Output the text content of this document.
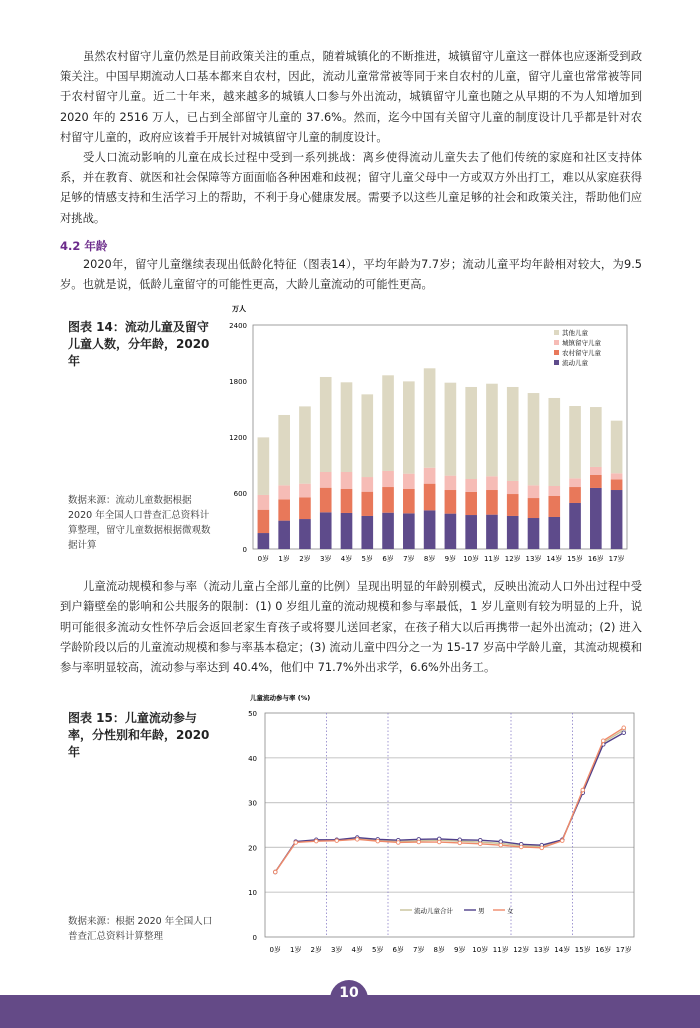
虽然农村留守儿童仍然是目前政策关注的重点，随着城镇化的不断推进，城镇留守儿童这一群体也应逐渐受到政策关注。中国早期流动人口基本都来自农村，因此，流动儿童常常被等同于来自农村的儿童，留守儿童也常常被等同于农村留守儿童。近二十年来，越来越多的城镇人口参与外出流动，城镇留守儿童也随之从早期的不为人知增加到 2020 年的 2516 万人，已占到全部留守儿童的 37.6%。然而，迄今中国有关留守儿童的制度设计几乎都是针对农村留守儿童的，政府应该着手开展针对城镇留守儿童的制度设计。

受人口流动影响的儿童在成长过程中受到一系列挑战：离乡使得流动儿童失去了他们传统的家庭和社区支持体系，并在教育、就医和社会保障等方面面临各种困难和歧视；留守儿童父母中一方或双方外出打工，难以从家庭获得足够的情感支持和生活学习上的帮助，不利于身心健康发展。需要予以这些儿童足够的社会和政策关注，帮助他们应对挑战。

4.2 年龄

2020年，留守儿童继续表现出低龄化特征（图表14），平均年龄为7.7岁；流动儿童平均年龄相对较大，为9.5岁。也就是说，低龄儿童留守的可能性更高，大龄儿童流动的可能性更高。

图表 14：流动儿童及留守儿童人数，分年龄，2020 年
数据来源：流动儿童数据根据 2020 年全国人口普查汇总资料计算整理，留守儿童数据根据微观数据计算
万人
0
600
1200
1800
2400
0岁 1岁 2岁 3岁 4岁 5岁 6岁 7岁 8岁 9岁 10岁 11岁 12岁 13岁 14岁 15岁 16岁 17岁
其他儿童
城镇留守儿童
农村留守儿童
流动儿童

儿童流动规模和参与率（流动儿童占全部儿童的比例）呈现出明显的年龄别模式，反映出流动人口外出过程中受到户籍壁垒的影响和公共服务的限制：(1) 0 岁组儿童的流动规模和参与率最低，1 岁儿童则有较为明显的上升，说明可能很多流动女性怀孕后会返回老家生育孩子或将婴儿送回老家，在孩子稍大以后再携带一起外出流动；(2) 进入学龄阶段以后的儿童流动规模和参与率基本稳定；(3) 流动儿童中四分之一为 15-17 岁高中学龄儿童，其流动规模和参与率明显较高，流动参与率达到 40.4%，他们中 71.7%外出求学，6.6%外出务工。

图表 15：儿童流动参与率，分性别和年龄，2020 年
数据来源：根据 2020 年全国人口普查汇总资料计算整理
儿童流动参与率 (%)
0
10
20
30
40
50
0岁 1岁 2岁 3岁 4岁 5岁 6岁 7岁 8岁 9岁 10岁 11岁 12岁 13岁 14岁 15岁 16岁 17岁
流动儿童合计	男	女
10
